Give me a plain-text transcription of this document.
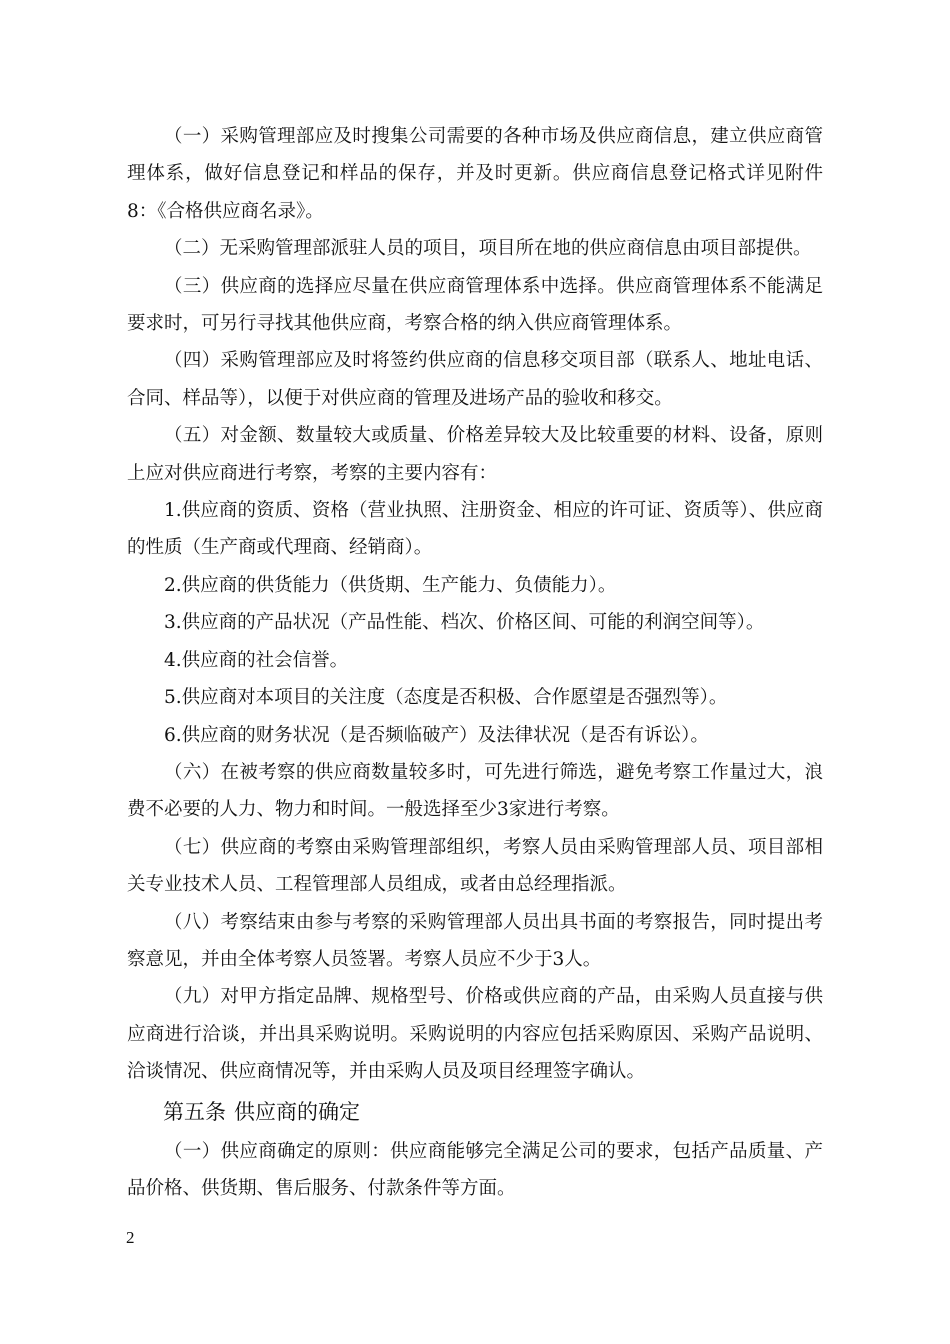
（一）采购管理部应及时搜集公司需要的各种市场及供应商信息，建立供应商管理体系，做好信息登记和样品的保存，并及时更新。供应商信息登记格式详见附件8：《合格供应商名录》。

（二）无采购管理部派驻人员的项目，项目所在地的供应商信息由项目部提供。

（三）供应商的选择应尽量在供应商管理体系中选择。供应商管理体系不能满足要求时，可另行寻找其他供应商，考察合格的纳入供应商管理体系。

（四）采购管理部应及时将签约供应商的信息移交项目部（联系人、地址电话、合同、样品等），以便于对供应商的管理及进场产品的验收和移交。

（五）对金额、数量较大或质量、价格差异较大及比较重要的材料、设备，原则上应对供应商进行考察，考察的主要内容有：

1.供应商的资质、资格（营业执照、注册资金、相应的许可证、资质等）、供应商的性质（生产商或代理商、经销商）。

2.供应商的供货能力（供货期、生产能力、负债能力）。

3.供应商的产品状况（产品性能、档次、价格区间、可能的利润空间等）。

4.供应商的社会信誉。

5.供应商对本项目的关注度（态度是否积极、合作愿望是否强烈等）。

6.供应商的财务状况（是否频临破产）及法律状况（是否有诉讼）。

（六）在被考察的供应商数量较多时，可先进行筛选，避免考察工作量过大，浪费不必要的人力、物力和时间。一般选择至少3家进行考察。

（七）供应商的考察由采购管理部组织，考察人员由采购管理部人员、项目部相关专业技术人员、工程管理部人员组成，或者由总经理指派。

（八）考察结束由参与考察的采购管理部人员出具书面的考察报告，同时提出考察意见，并由全体考察人员签署。考察人员应不少于3人。

（九）对甲方指定品牌、规格型号、价格或供应商的产品，由采购人员直接与供应商进行洽谈，并出具采购说明。采购说明的内容应包括采购原因、采购产品说明、洽谈情况、供应商情况等，并由采购人员及项目经理签字确认。

第五条 供应商的确定

（一）供应商确定的原则：供应商能够完全满足公司的要求，包括产品质量、产品价格、供货期、售后服务、付款条件等方面。

2
